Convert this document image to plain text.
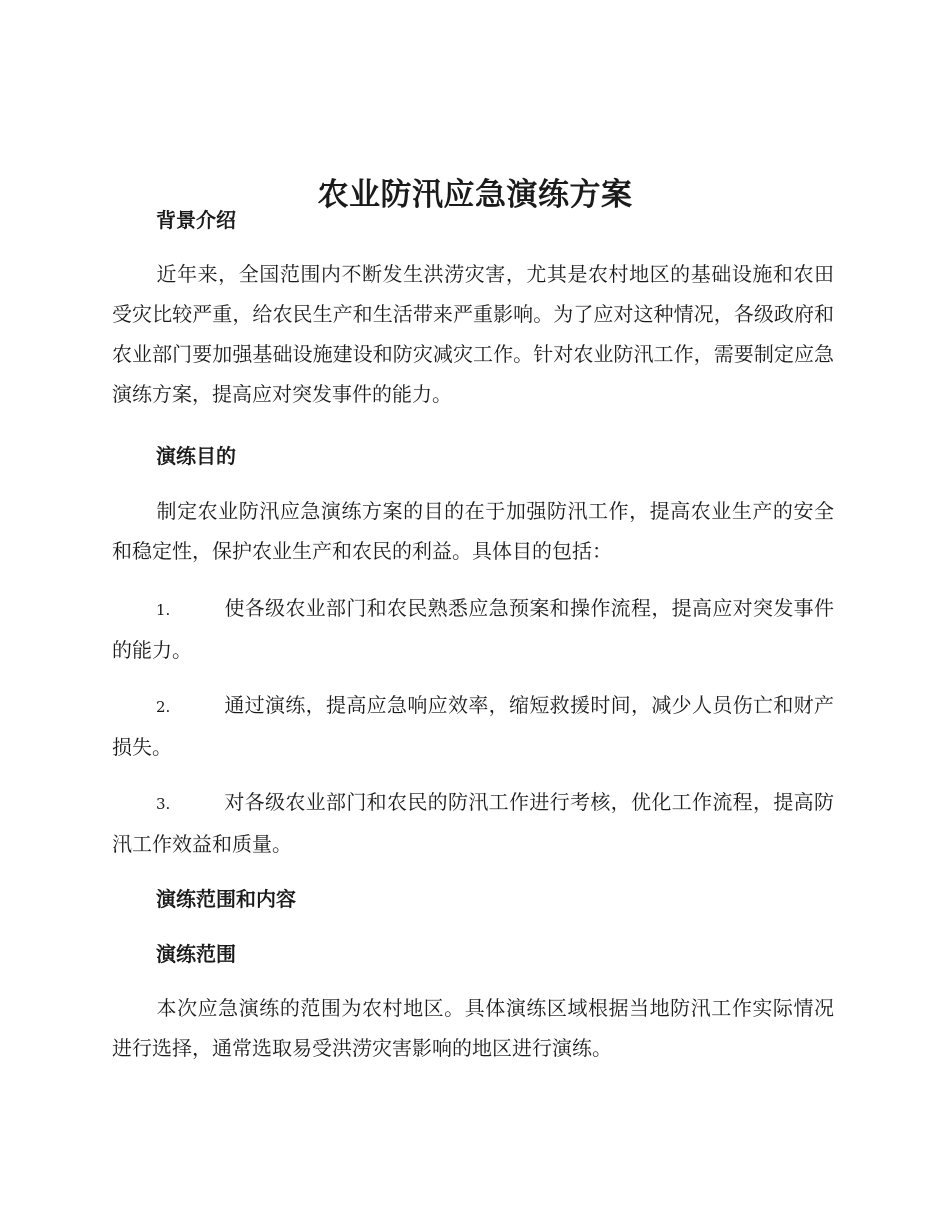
农业防汛应急演练方案
背景介绍

近年来，全国范围内不断发生洪涝灾害，尤其是农村地区的基础设施和农田受灾比较严重，给农民生产和生活带来严重影响。为了应对这种情况，各级政府和农业部门要加强基础设施建设和防灾减灾工作。针对农业防汛工作，需要制定应急演练方案，提高应对突发事件的能力。

演练目的

制定农业防汛应急演练方案的目的在于加强防汛工作，提高农业生产的安全和稳定性，保护农业生产和农民的利益。具体目的包括：

1.	使各级农业部门和农民熟悉应急预案和操作流程，提高应对突发事件的能力。

2.	通过演练，提高应急响应效率，缩短救援时间，减少人员伤亡和财产损失。

3.	对各级农业部门和农民的防汛工作进行考核，优化工作流程，提高防汛工作效益和质量。

演练范围和内容
演练范围

本次应急演练的范围为农村地区。具体演练区域根据当地防汛工作实际情况进行选择，通常选取易受洪涝灾害影响的地区进行演练。
